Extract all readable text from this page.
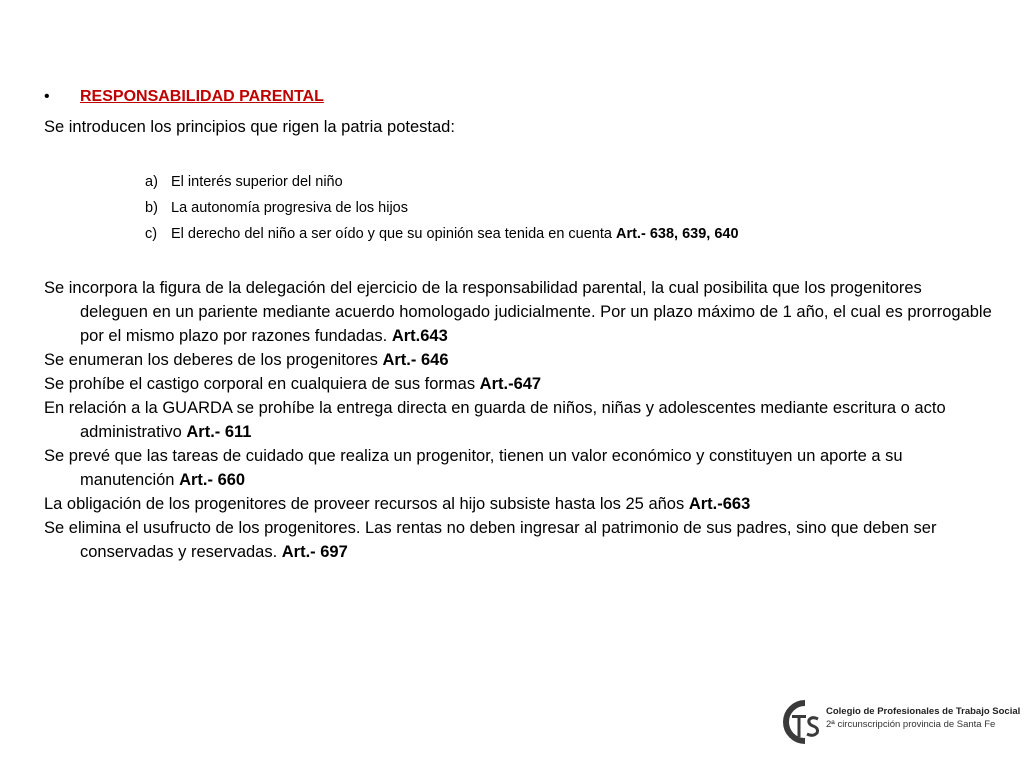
• RESPONSABILIDAD PARENTAL
Se introducen los principios que rigen la patria potestad:
a) El interés superior del niño
b) La autonomía progresiva de los hijos
c) El derecho del niño a ser oído y que su opinión sea tenida en cuenta Art.- 638, 639, 640

Se incorpora la figura de la delegación del ejercicio de la responsabilidad parental, la cual posibilita que los progenitores deleguen en un pariente mediante acuerdo homologado judicialmente. Por un plazo máximo de 1 año, el cual es prorrogable por el mismo plazo por razones fundadas. Art.643

Se enumeran los deberes de los progenitores Art.- 646

Se prohíbe el castigo corporal en cualquiera de sus formas Art.-647

En relación a la GUARDA se prohíbe la entrega directa en guarda de niños, niñas y adolescentes mediante escritura o acto administrativo Art.- 611

Se prevé que las tareas de cuidado que realiza un progenitor, tienen un valor económico y constituyen un aporte a su manutención Art.- 660

La obligación de los progenitores de proveer recursos al hijo subsiste hasta los 25 años Art.-663

Se elimina el usufructo de los progenitores. Las rentas no deben ingresar al patrimonio de sus padres, sino que deben ser conservadas y reservadas. Art.- 697

Colegio de Profesionales de Trabajo Social
2ª circunscripción provincia de Santa Fe
